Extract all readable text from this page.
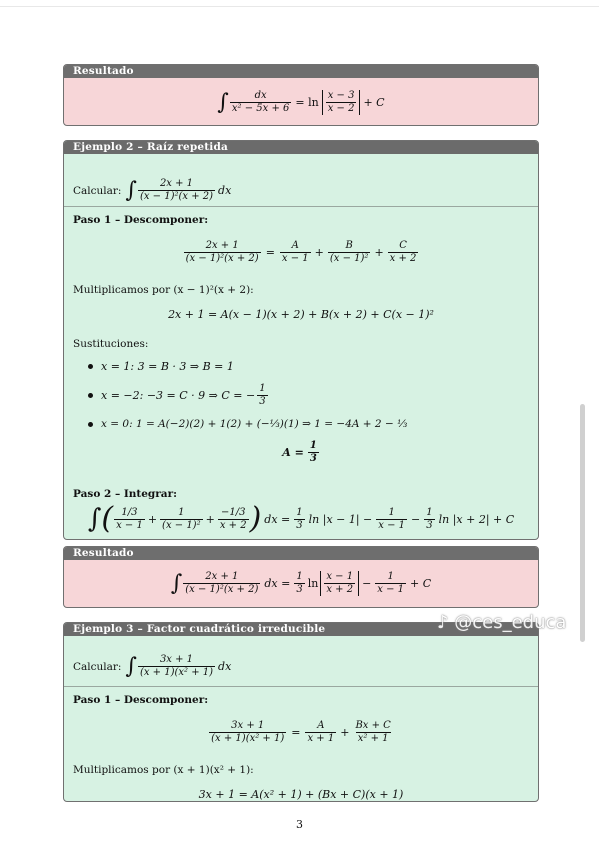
Resultado
∫ $\frac{dx}{\text{x² − 5x + 6}} = \ln \frac{x - 3}{x - 2} + C$
Ejemplo 2 – Raíz repetida
Calcular: ∫ $\frac{2x + 1}{\text{(x − 1)²(x + 2)}}$ dx
Paso 1 – Descomponer:
$\frac{2x + 1}{\text{(x − 1)²(x + 2)}} = \frac{A}{x - 1} + \frac{B}{\text{(x − 1)²}} + \frac{C}{x + 2}$
Multiplicamos por (x − 1)²(x + 2):
2x + 1 = A(x − 1)(x + 2) + B(x + 2) + C(x − 1)²
Sustituciones:
x = 1: 3 = B · 3 ⇒ B = 1
x = −2: −3 = C · 9 ⇒ C = − $\frac{1}{3}$
x = 0: 1 = A(−2)(2) + 1(2) + (−⅓)(1) ⇒ 1 = −4A + 2 − ⅓
$A = \frac{1}{3}$
Paso 2 – Integrar:
∫ ( $\frac{1/3}{x - 1} + \frac{1}{\text{(x − 1)²}} + \frac{-1/3}{x + 2}$ ) dx = $\frac{1}{3}$ $\ln |x - 1| - \frac{1}{x - 1} - \frac{1}{3}$ ln |x + 2| + C
Resultado
∫ $\frac{2x + 1}{\text{(x − 1)²(x + 2)}}$ dx = $\frac{1}{3}$ $\ln \frac{x - 1}{x + 2} - \frac{1}{x - 1} + C$
Ejemplo 3 – Factor cuadrático irreducible
Calcular: ∫ $\frac{3x + 1}{\text{(x + 1)(x² + 1)}}$ dx
Paso 1 – Descomponer:
$\frac{3x + 1}{\text{(x + 1)(x² + 1)}} = \frac{A}{x + 1} + \frac{Bx + C}{\text{x² + 1}}$
Multiplicamos por (x + 1)(x² + 1):
3x + 1 = A(x² + 1) + (Bx + C)(x + 1)
♪ @ces_educa
3
